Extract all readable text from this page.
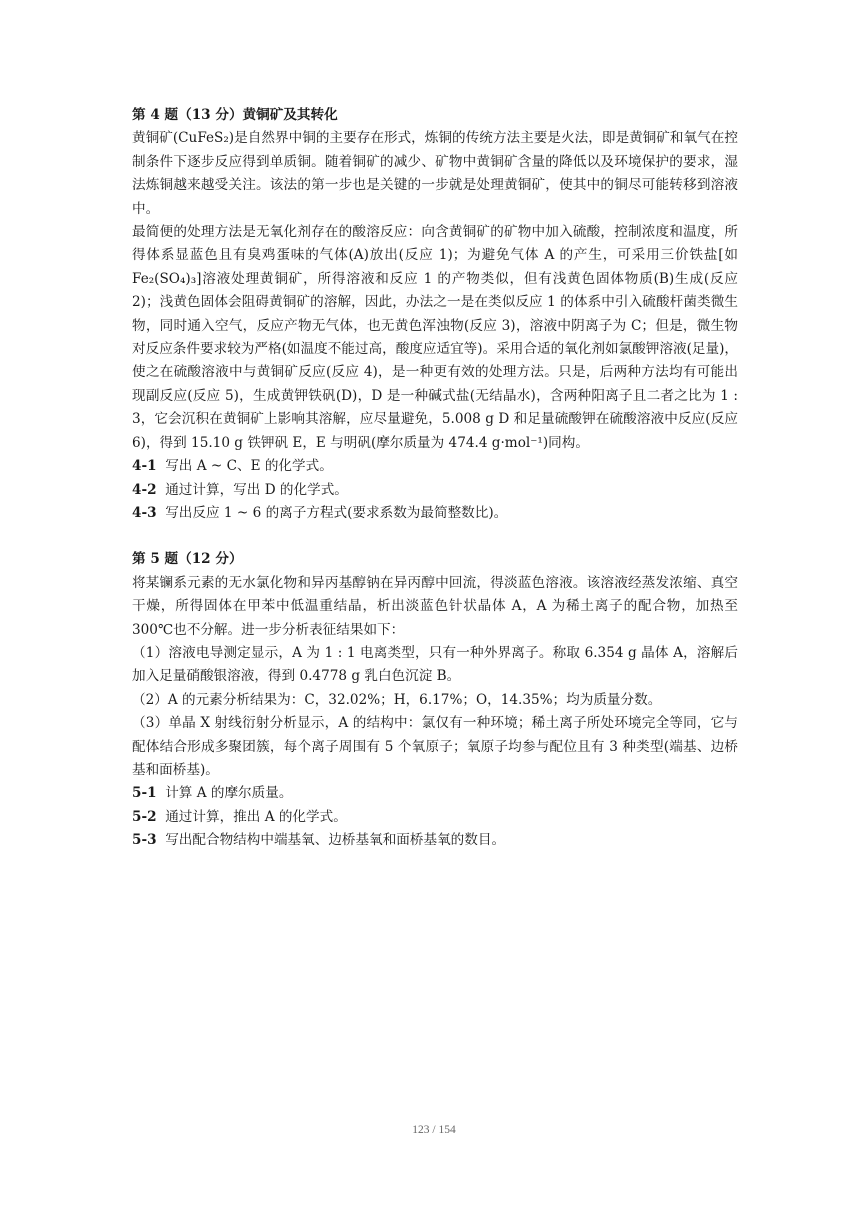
第 4 题（13 分）黄铜矿及其转化

黄铜矿(CuFeS₂)是自然界中铜的主要存在形式，炼铜的传统方法主要是火法，即是黄铜矿和氧气在控制条件下逐步反应得到单质铜。随着铜矿的减少、矿物中黄铜矿含量的降低以及环境保护的要求，湿法炼铜越来越受关注。该法的第一步也是关键的一步就是处理黄铜矿，使其中的铜尽可能转移到溶液中。

最简便的处理方法是无氧化剂存在的酸溶反应：向含黄铜矿的矿物中加入硫酸，控制浓度和温度，所得体系显蓝色且有臭鸡蛋味的气体(A)放出(反应 1)；为避免气体 A 的产生，可采用三价铁盐[如 Fe₂(SO₄)₃]溶液处理黄铜矿，所得溶液和反应 1 的产物类似，但有浅黄色固体物质(B)生成(反应 2)；浅黄色固体会阻碍黄铜矿的溶解，因此，办法之一是在类似反应 1 的体系中引入硫酸杆菌类微生物，同时通入空气，反应产物无气体，也无黄色浑浊物(反应 3)，溶液中阴离子为 C；但是，微生物对反应条件要求较为严格(如温度不能过高，酸度应适宜等)。采用合适的氧化剂如氯酸钾溶液(足量)，使之在硫酸溶液中与黄铜矿反应(反应 4)，是一种更有效的处理方法。只是，后两种方法均有可能出现副反应(反应 5)，生成黄钾铁矾(D)，D 是一种碱式盐(无结晶水)，含两种阳离子且二者之比为 1 : 3，它会沉积在黄铜矿上影响其溶解，应尽量避免，5.008 g D 和足量硫酸钾在硫酸溶液中反应(反应 6)，得到 15.10 g 铁钾矾 E，E 与明矾(摩尔质量为 474.4 g·mol⁻¹)同构。

4-1 写出 A ~ C、E 的化学式。

4-2 通过计算，写出 D 的化学式。

4-3 写出反应 1 ~ 6 的离子方程式(要求系数为最简整数比)。

第 5 题（12 分）

将某镧系元素的无水氯化物和异丙基醇钠在异丙醇中回流，得淡蓝色溶液。该溶液经蒸发浓缩、真空干燥，所得固体在甲苯中低温重结晶，析出淡蓝色针状晶体 A，A 为稀土离子的配合物，加热至 300℃也不分解。进一步分析表征结果如下：

（1）溶液电导测定显示，A 为 1 : 1 电离类型，只有一种外界离子。称取 6.354 g 晶体 A，溶解后加入足量硝酸银溶液，得到 0.4778 g 乳白色沉淀 B。

（2）A 的元素分析结果为：C，32.02%；H，6.17%；O，14.35%；均为质量分数。

（3）单晶 X 射线衍射分析显示，A 的结构中：氯仅有一种环境；稀土离子所处环境完全等同，它与配体结合形成多聚团簇，每个离子周围有 5 个氧原子；氧原子均参与配位且有 3 种类型(端基、边桥基和面桥基)。

5-1 计算 A 的摩尔质量。

5-2 通过计算，推出 A 的化学式。

5-3 写出配合物结构中端基氧、边桥基氧和面桥基氧的数目。

123 / 154
